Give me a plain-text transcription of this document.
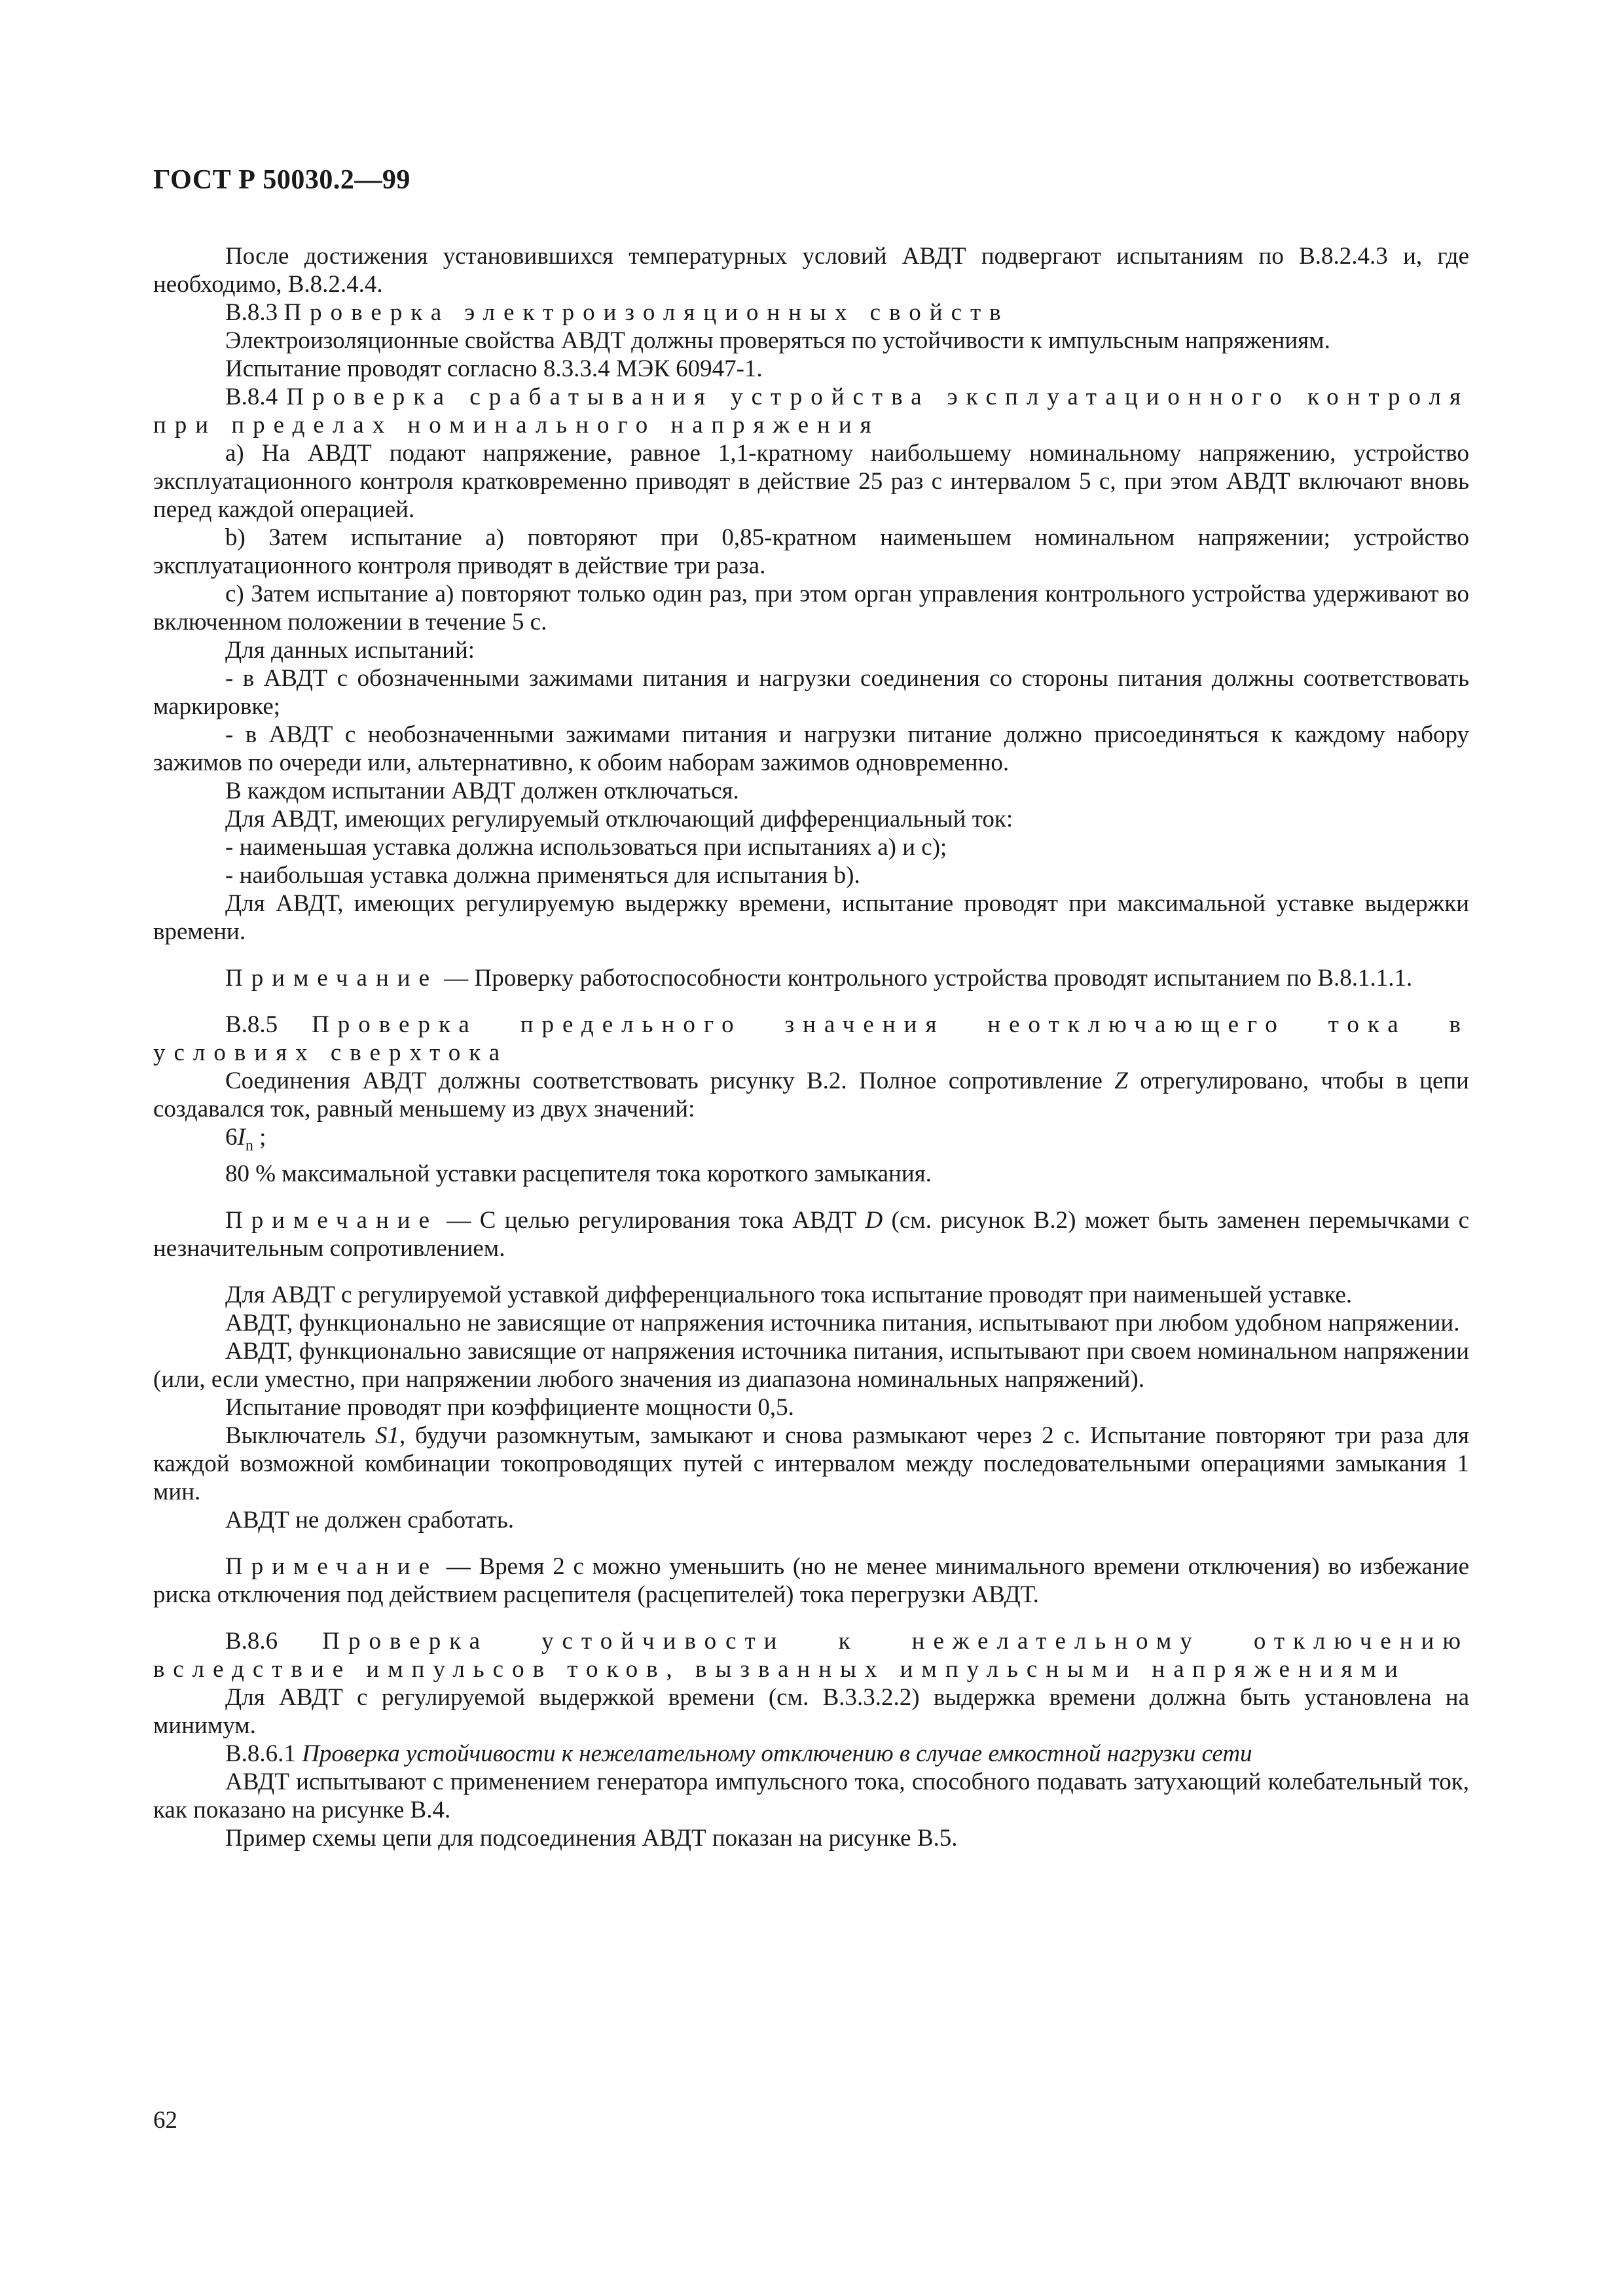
ГОСТ Р 50030.2—99

После достижения установившихся температурных условий АВДТ подвергают испытаниям по В.8.2.4.3 и, где необходимо, В.8.2.4.4.

В.8.3 Проверка электроизоляционных свойств

Электроизоляционные свойства АВДТ должны проверяться по устойчивости к импульсным напряжениям.

Испытание проводят согласно 8.3.3.4 МЭК 60947-1.

В.8.4 Проверка срабатывания устройства эксплуатационного контроля при пределах номинального напряжения

a) На АВДТ подают напряжение, равное 1,1-кратному наибольшему номинальному напряжению, устройство эксплуатационного контроля кратковременно приводят в действие 25 раз с интервалом 5 с, при этом АВДТ включают вновь перед каждой операцией.

b) Затем испытание a) повторяют при 0,85-кратном наименьшем номинальном напряжении; устройство эксплуатационного контроля приводят в действие три раза.

c) Затем испытание a) повторяют только один раз, при этом орган управления контрольного устройства удерживают во включенном положении в течение 5 с.

Для данных испытаний:

- в АВДТ с обозначенными зажимами питания и нагрузки соединения со стороны питания должны соответствовать маркировке;

- в АВДТ с необозначенными зажимами питания и нагрузки питание должно присоединяться к каждому набору зажимов по очереди или, альтернативно, к обоим наборам зажимов одновременно.

В каждом испытании АВДТ должен отключаться.

Для АВДТ, имеющих регулируемый отключающий дифференциальный ток:

- наименьшая уставка должна использоваться при испытаниях a) и c);

- наибольшая уставка должна применяться для испытания b).

Для АВДТ, имеющих регулируемую выдержку времени, испытание проводят при максимальной уставке выдержки времени.

Примечание — Проверку работоспособности контрольного устройства проводят испытанием по В.8.1.1.1.

В.8.5 Проверка предельного значения неотключающего тока в условиях сверхтока

Соединения АВДТ должны соответствовать рисунку В.2. Полное сопротивление Z отрегулировано, чтобы в цепи создавался ток, равный меньшему из двух значений:

$6I_n$ ;

80 % максимальной уставки расцепителя тока короткого замыкания.

Примечание — С целью регулирования тока АВДТ D (см. рисунок В.2) может быть заменен перемычками с незначительным сопротивлением.

Для АВДТ с регулируемой уставкой дифференциального тока испытание проводят при наименьшей уставке.

АВДТ, функционально не зависящие от напряжения источника питания, испытывают при любом удобном напряжении.

АВДТ, функционально зависящие от напряжения источника питания, испытывают при своем номинальном напряжении (или, если уместно, при напряжении любого значения из диапазона номинальных напряжений).

Испытание проводят при коэффициенте мощности 0,5.

Выключатель S1, будучи разомкнутым, замыкают и снова размыкают через 2 с. Испытание повторяют три раза для каждой возможной комбинации токопроводящих путей с интервалом между последовательными операциями замыкания 1 мин.

АВДТ не должен сработать.

Примечание — Время 2 с можно уменьшить (но не менее минимального времени отключения) во избежание риска отключения под действием расцепителя (расцепителей) тока перегрузки АВДТ.

В.8.6 Проверка устойчивости к нежелательному отключению вследствие импульсов токов, вызванных импульсными напряжениями

Для АВДТ с регулируемой выдержкой времени (см. В.3.3.2.2) выдержка времени должна быть установлена на минимум.

В.8.6.1 Проверка устойчивости к нежелательному отключению в случае емкостной нагрузки сети

АВДТ испытывают с применением генератора импульсного тока, способного подавать затухающий колебательный ток, как показано на рисунке В.4.

Пример схемы цепи для подсоединения АВДТ показан на рисунке В.5.

62
